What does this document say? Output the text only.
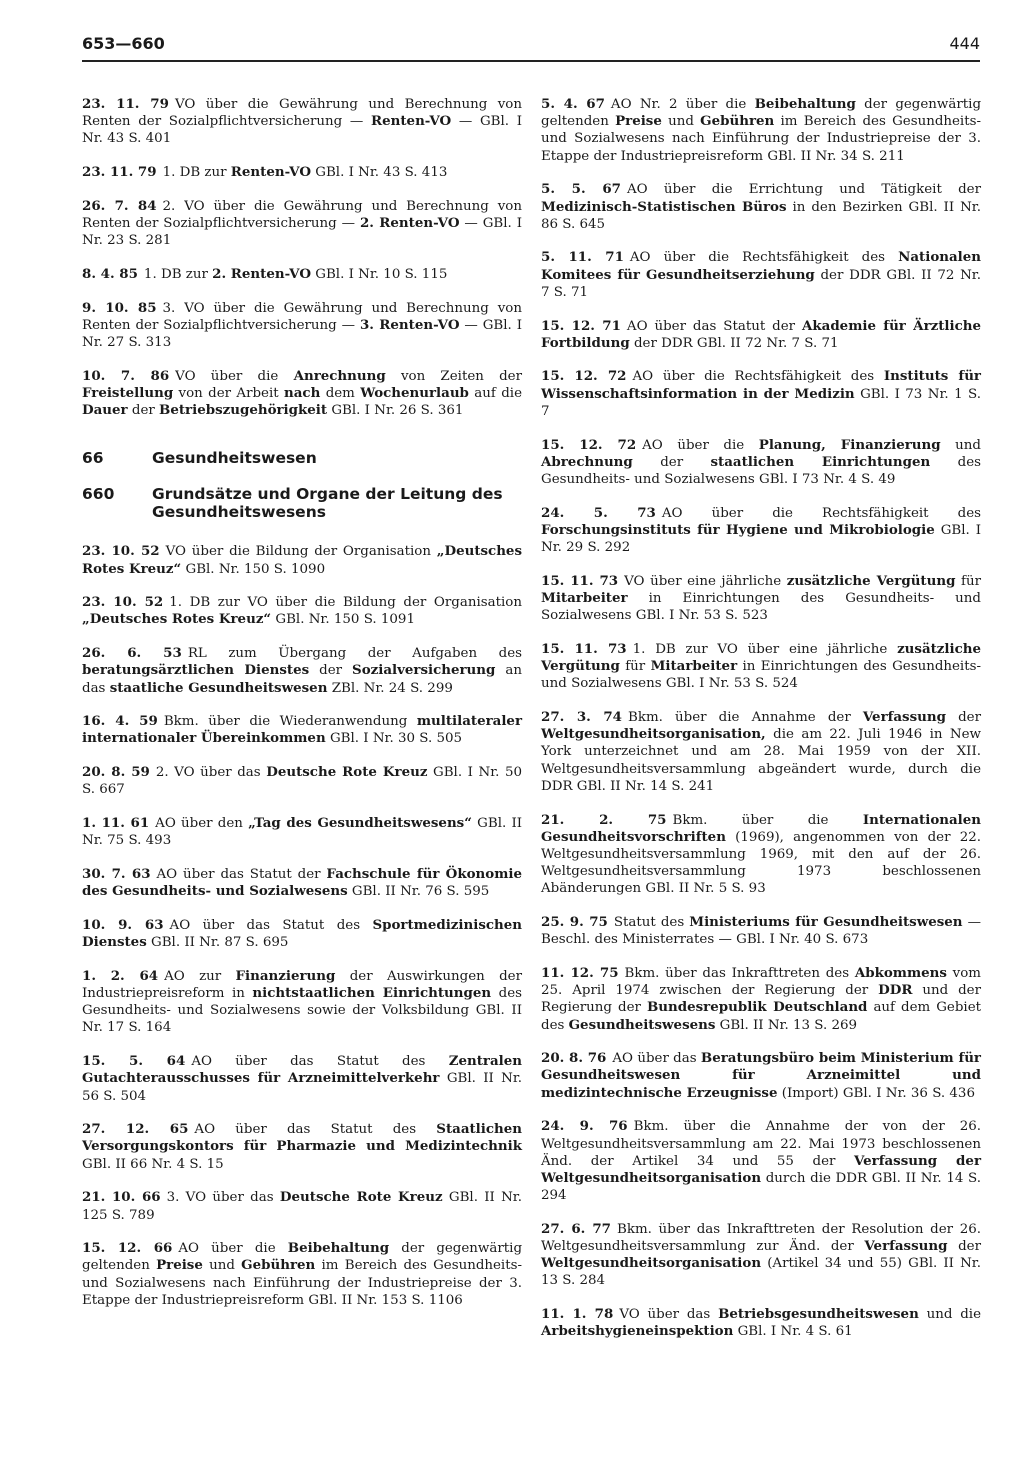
653—660	444
23. 11. 79 VO über die Gewährung und Berechnung von Renten der Sozialpflichtversicherung — Renten-VO — GBl. I Nr. 43 S. 401
23. 11. 79 1. DB zur Renten-VO GBl. I Nr. 43 S. 413
26. 7. 84 2. VO über die Gewährung und Berechnung von Renten der Sozialpflichtversicherung — 2. Renten-VO — GBl. I Nr. 23 S. 281
8. 4. 85 1. DB zur 2. Renten-VO GBl. I Nr. 10 S. 115
9. 10. 85 3. VO über die Gewährung und Berechnung von Renten der Sozialpflichtversicherung — 3. Renten-VO — GBl. I Nr. 27 S. 313
10. 7. 86 VO über die Anrechnung von Zeiten der Freistellung von der Arbeit nach dem Wochenurlaub auf die Dauer der Betriebszugehörigkeit GBl. I Nr. 26 S. 361
66	Gesundheitswesen
660	Grundsätze und Organe der Leitung des Gesundheitswesens
23. 10. 52 VO über die Bildung der Organisation „Deutsches Rotes Kreuz“ GBl. Nr. 150 S. 1090
23. 10. 52 1. DB zur VO über die Bildung der Organisation „Deutsches Rotes Kreuz“ GBl. Nr. 150 S. 1091
26. 6. 53 RL zum Übergang der Aufgaben des beratungsärztlichen Dienstes der Sozialversicherung an das staatliche Gesundheitswesen ZBl. Nr. 24 S. 299
16. 4. 59 Bkm. über die Wiederanwendung multilateraler internationaler Übereinkommen GBl. I Nr. 30 S. 505
20. 8. 59 2. VO über das Deutsche Rote Kreuz GBl. I Nr. 50 S. 667
1. 11. 61 AO über den „Tag des Gesundheitswesens“ GBl. II Nr. 75 S. 493
30. 7. 63 AO über das Statut der Fachschule für Ökonomie des Gesundheits- und Sozialwesens GBl. II Nr. 76 S. 595
10. 9. 63 AO über das Statut des Sportmedizinischen Dienstes GBl. II Nr. 87 S. 695
1. 2. 64 AO zur Finanzierung der Auswirkungen der Industriepreisreform in nichtstaatlichen Einrichtungen des Gesundheits- und Sozialwesens sowie der Volksbildung GBl. II Nr. 17 S. 164
15. 5. 64 AO über das Statut des Zentralen Gutachterausschusses für Arzneimittelverkehr GBl. II Nr. 56 S. 504
27. 12. 65 AO über das Statut des Staatlichen Versorgungskontors für Pharmazie und Medizintechnik GBl. II 66 Nr. 4 S. 15
21. 10. 66 3. VO über das Deutsche Rote Kreuz GBl. II Nr. 125 S. 789
15. 12. 66 AO über die Beibehaltung der gegenwärtig geltenden Preise und Gebühren im Bereich des Gesundheits- und Sozialwesens nach Einführung der Industriepreise der 3. Etappe der Industriepreisreform GBl. II Nr. 153 S. 1106
5. 4. 67 AO Nr. 2 über die Beibehaltung der gegenwärtig geltenden Preise und Gebühren im Bereich des Gesundheits- und Sozialwesens nach Einführung der Industriepreise der 3. Etappe der Industriepreisreform GBl. II Nr. 34 S. 211
5. 5. 67 AO über die Errichtung und Tätigkeit der Medizinisch-Statistischen Büros in den Bezirken GBl. II Nr. 86 S. 645
5. 11. 71 AO über die Rechtsfähigkeit des Nationalen Komitees für Gesundheitserziehung der DDR GBl. II 72 Nr. 7 S. 71
15. 12. 71 AO über das Statut der Akademie für Ärztliche Fortbildung der DDR GBl. II 72 Nr. 7 S. 71
15. 12. 72 AO über die Rechtsfähigkeit des Instituts für Wissenschaftsinformation in der Medizin GBl. I 73 Nr. 1 S. 7
15. 12. 72 AO über die Planung, Finanzierung und Abrechnung der staatlichen Einrichtungen des Gesundheits- und Sozialwesens GBl. I 73 Nr. 4 S. 49
24. 5. 73 AO über die Rechtsfähigkeit des Forschungsinstituts für Hygiene und Mikrobiologie GBl. I Nr. 29 S. 292
15. 11. 73 VO über eine jährliche zusätzliche Vergütung für Mitarbeiter in Einrichtungen des Gesundheits- und Sozialwesens GBl. I Nr. 53 S. 523
15. 11. 73 1. DB zur VO über eine jährliche zusätzliche Vergütung für Mitarbeiter in Einrichtungen des Gesundheits- und Sozialwesens GBl. I Nr. 53 S. 524
27. 3. 74 Bkm. über die Annahme der Verfassung der Weltgesundheitsorganisation, die am 22. Juli 1946 in New York unterzeichnet und am 28. Mai 1959 von der XII. Weltgesundheitsversammlung abgeändert wurde, durch die DDR GBl. II Nr. 14 S. 241
21. 2. 75 Bkm. über die Internationalen Gesundheitsvorschriften (1969), angenommen von der 22. Weltgesundheitsversammlung 1969, mit den auf der 26. Weltgesundheitsversammlung 1973 beschlossenen Abänderungen GBl. II Nr. 5 S. 93
25. 9. 75 Statut des Ministeriums für Gesundheitswesen — Beschl. des Ministerrates — GBl. I Nr. 40 S. 673
11. 12. 75 Bkm. über das Inkrafttreten des Abkommens vom 25. April 1974 zwischen der Regierung der DDR und der Regierung der Bundesrepublik Deutschland auf dem Gebiet des Gesundheitswesens GBl. II Nr. 13 S. 269
20. 8. 76 AO über das Beratungsbüro beim Ministerium für Gesundheitswesen für Arzneimittel und medizintechnische Erzeugnisse (Import) GBl. I Nr. 36 S. 436
24. 9. 76 Bkm. über die Annahme der von der 26. Weltgesundheitsversammlung am 22. Mai 1973 beschlossenen Änd. der Artikel 34 und 55 der Verfassung der Weltgesundheitsorganisation durch die DDR GBl. II Nr. 14 S. 294
27. 6. 77 Bkm. über das Inkrafttreten der Resolution der 26. Weltgesundheitsversammlung zur Änd. der Verfassung der Weltgesundheitsorganisation (Artikel 34 und 55) GBl. II Nr. 13 S. 284
11. 1. 78 VO über das Betriebsgesundheitswesen und die Arbeitshygieneinspektion GBl. I Nr. 4 S. 61
